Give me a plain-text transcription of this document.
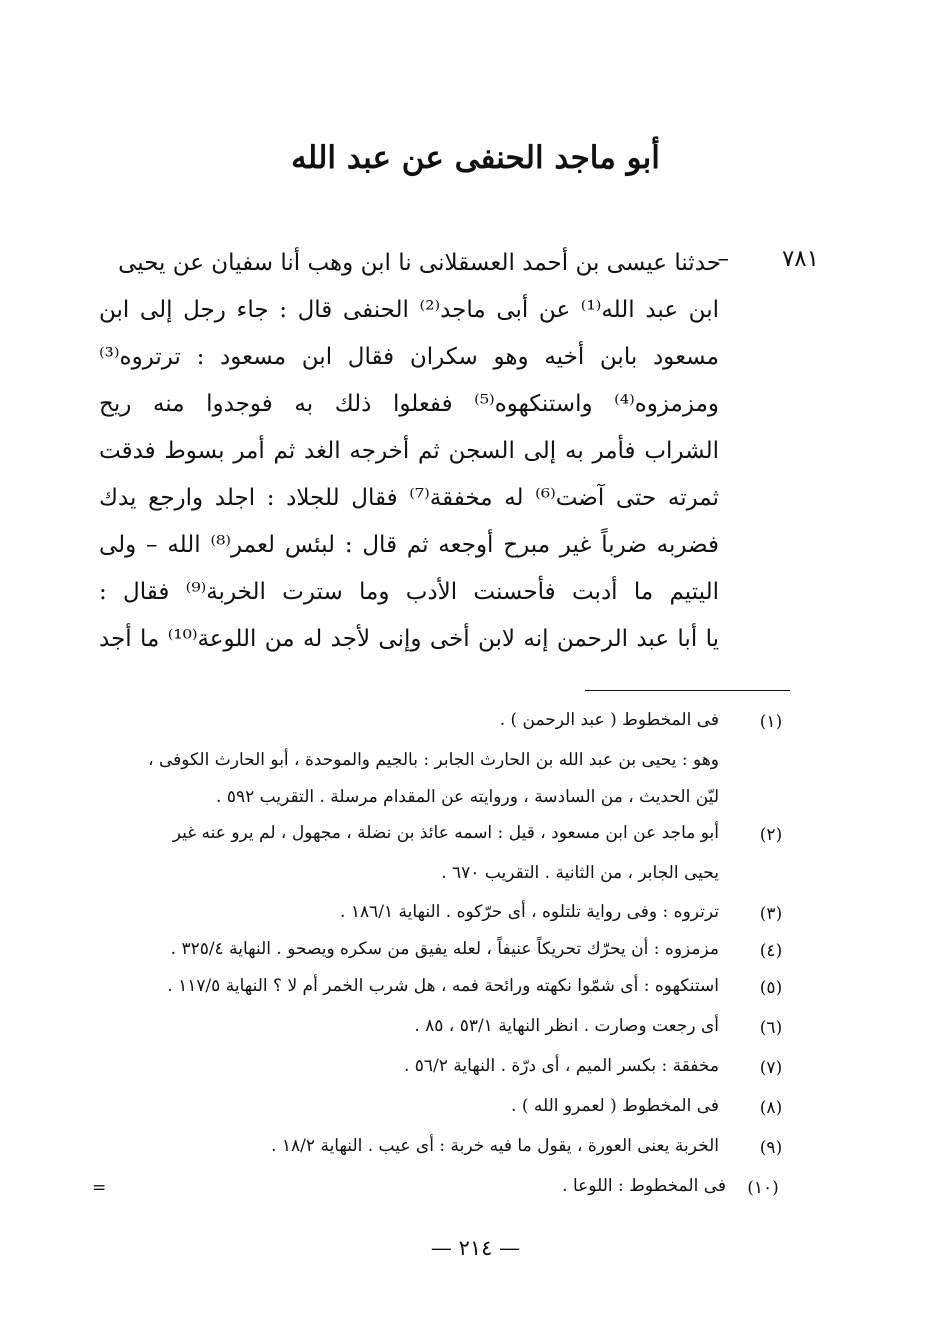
أبو ماجد الحنفى عن عبد الله
٧٨١
–
حدثنا عيسى بن أحمد العسقلانى نا ابن وهب أنا سفيان عن يحيى
ابن عبد الله⁽¹⁾ عن أبى ماجد⁽²⁾ الحنفى قال : جاء رجل إلى ابن
مسعود بابن أخيه وهو سكران فقال ابن مسعود : ترتروه⁽³⁾
ومزمزوه⁽⁴⁾ واستنكهوه⁽⁵⁾ ففعلوا ذلك به فوجدوا منه ريح
الشراب فأمر به إلى السجن ثم أخرجه الغد ثم أمر بسوط فدقت
ثمرته حتى آضت⁽⁶⁾ له مخفقة⁽⁷⁾ فقال للجلاد : اجلد وارجع يدك
فضربه ضرباً غير مبرح أوجعه ثم قال : لبئس لعمر⁽⁸⁾ الله – ولى
اليتيم ما أدبت فأحسنت الأدب وما سترت الخربة⁽⁹⁾ فقال :
يا أبا عبد الرحمن إنه لابن أخى وإنى لأجد له من اللوعة⁽¹⁰⁾ ما أجد
(١)
فى المخطوط ( عبد الرحمن ) .
وهو : يحيى بن عبد الله بن الحارث الجابر : بالجيم والموحدة ، أبو الحارث الكوفى ،
ليّن الحديث ، من السادسة ، وروايته عن المقدام مرسلة . التقريب ٥٩٢ .
(٢)
أبو ماجد عن ابن مسعود ، قيل : اسمه عائذ بن نضلة ، مجهول ، لم يرو عنه غير
يحيى الجابر ، من الثانية . التقريب ٦٧٠ .
(٣)
ترتروه : وفى رواية تلتلوه ، أى حرّكوه . النهاية ١٨٦/١ .
(٤)
مزمزوه : أن يحرّك تحريكاً عنيفاً ، لعله يفيق من سكره ويصحو . النهاية ٣٢٥/٤ .
(٥)
استنكهوه : أى شمّوا نكهته ورائحة فمه ، هل شرب الخمر أم لا ؟ النهاية ١١٧/٥ .
(٦)
أى رجعت وصارت . انظر النهاية ٥٣/١ ، ٨٥ .
(٧)
مخفقة : بكسر الميم ، أى درّة . النهاية ٥٦/٢ .
(٨)
فى المخطوط ( لعمرو الله ) .
(٩)
الخربة يعنى العورة ، يقول ما فيه خربة : أى عيب . النهاية ١٨/٢ .
(١٠)
فى المخطوط : اللوعا .
=
— ٢١٤ —
